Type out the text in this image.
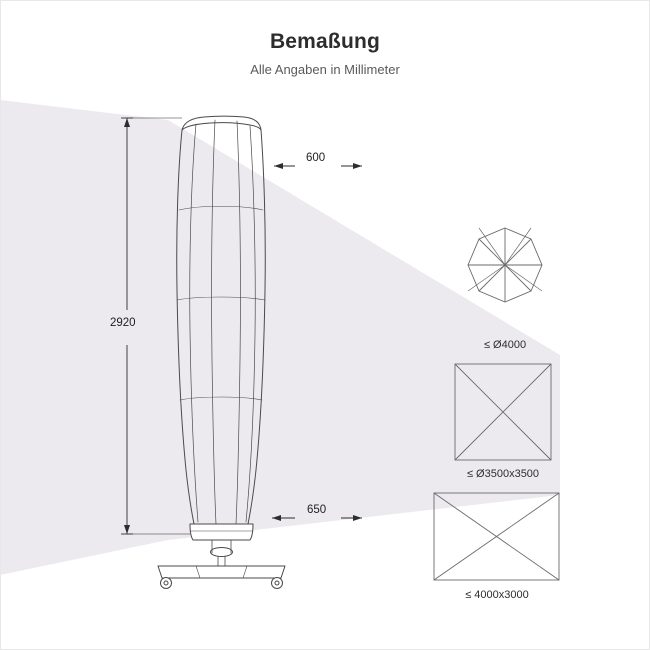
Bemaßung
Alle Angaben in Millimeter
2920
600
650
≤ Ø4000
≤ Ø3500x3500
≤ 4000x3000
